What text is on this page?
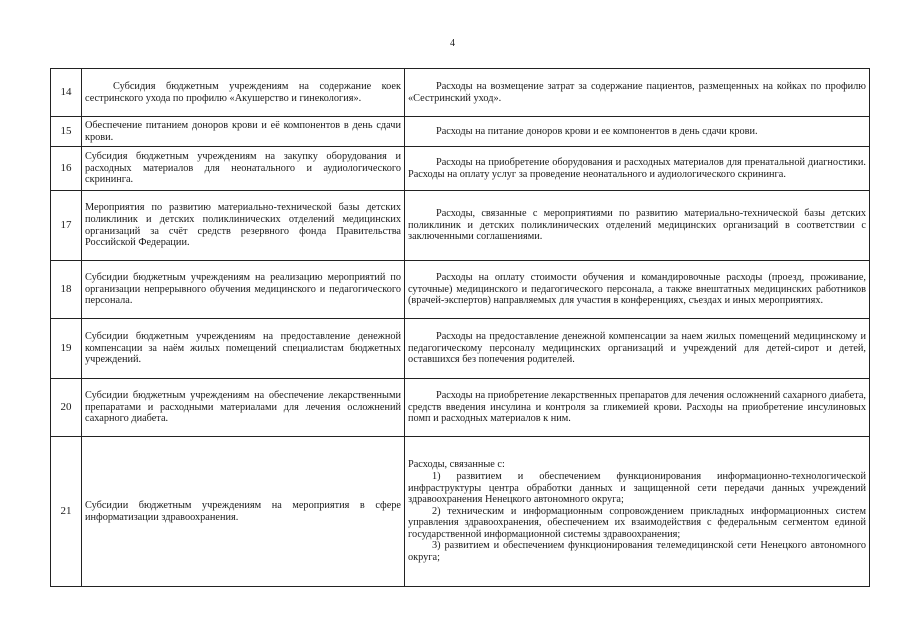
4
14	Субсидия бюджетным учреждениям на содержание коек сестринского ухода по профилю «Акушерство и гинекология».	Расходы на возмещение затрат за содержание пациентов, размещенных на койках по профилю «Сестринский уход».
15	Обеспечение питанием доноров крови и её компонентов в день сдачи крови.	Расходы на питание доноров крови и ее компонентов в день сдачи крови.
16	Субсидия бюджетным учреждениям на закупку оборудования и расходных материалов для неонатального и аудиологического скрининга.	Расходы на приобретение оборудования и расходных материалов для пренатальной диагностики. Расходы на оплату услуг за проведение неонатального и аудиологического скрининга.
17	Мероприятия по развитию материально-технической базы детских поликлиник и детских поликлинических отделений медицинских организаций за счёт средств резервного фонда Правительства Российской Федерации.	Расходы, связанные с мероприятиями по развитию материально-технической базы детских поликлиник и детских поликлинических отделений медицинских организаций в соответствии с заключенными соглашениями.
18	Субсидии бюджетным учреждениям на реализацию мероприятий по организации непрерывного обучения медицинского и педагогического персонала.	Расходы на оплату стоимости обучения и командировочные расходы (проезд, проживание, суточные) медицинского и педагогического персонала, а также внештатных медицинских работников (врачей-экспертов) направляемых для участия в конференциях, съездах и иных мероприятиях.
19	Субсидии бюджетным учреждениям на предоставление денежной компенсации за наём жилых помещений специалистам бюджетных учреждений.	Расходы на предоставление денежной компенсации за наем жилых помещений медицинскому и педагогическому персоналу медицинских организаций и учреждений для детей-сирот и детей, оставшихся без попечения родителей.
20	Субсидии бюджетным учреждениям на обеспечение лекарственными препаратами и расходными материалами для лечения осложнений сахарного диабета.	Расходы на приобретение лекарственных препаратов для лечения осложнений сахарного диабета, средств введения инсулина и контроля за гликемией крови. Расходы на приобретение инсулиновых помп и расходных материалов к ним.
21	Субсидии бюджетным учреждениям на мероприятия в сфере информатизации здравоохранения.	Расходы, связанные с:

1) развитием и обеспечением функционирования информационно-технологической инфраструктуры центра обработки данных и защищенной сети передачи данных учреждений здравоохранения Ненецкого автономного округа;

2) техническим и информационным сопровождением прикладных информационных систем управления здравоохранения, обеспечением их взаимодействия с федеральным сегментом единой государственной информационной системы здравоохранения;

3) развитием и обеспечением функционирования телемедицинской сети Ненецкого автономного округа;
